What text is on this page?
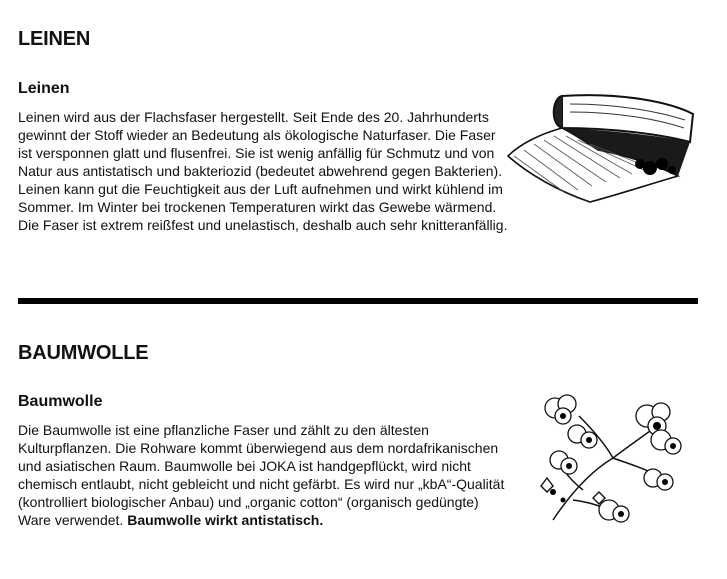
LEINEN
Leinen

Leinen wird aus der Flachsfaser hergestellt. Seit Ende des 20. Jahrhunderts gewinnt der Stoff wieder an Bedeutung als ökologische Naturfaser. Die Faser ist versponnen glatt und flusenfrei. Sie ist wenig anfällig für Schmutz und von Natur aus antistatisch und bakteriozid (bedeutet abwehrend gegen Bakterien). Leinen kann gut die Feuchtigkeit aus der Luft aufnehmen und wirkt kühlend im Sommer. Im Winter bei trockenen Temperaturen wirkt das Gewebe wärmend. Die Faser ist extrem reißfest und unelastisch, deshalb auch sehr knitteranfällig.

BAUMWOLLE
Baumwolle

Die Baumwolle ist eine pflanzliche Faser und zählt zu den ältesten Kulturpflanzen. Die Rohware kommt überwiegend aus dem nordafrikanischen und asiatischen Raum. Baumwolle bei JOKA ist handgepflückt, wird nicht chemisch entlaubt, nicht gebleicht und nicht gefärbt. Es wird nur „kbA“-Qualität (kontrolliert biologischer Anbau) und „organic cotton“ (organisch gedüngte) Ware verwendet. Baumwolle wirkt antistatisch.
